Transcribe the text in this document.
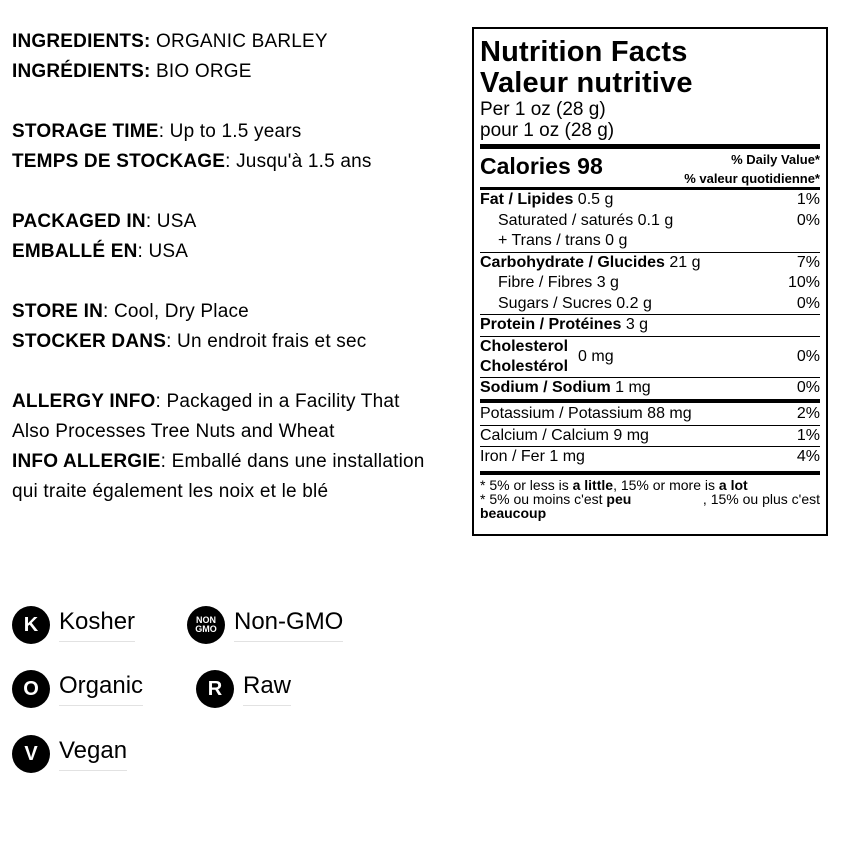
INGREDIENTS: ORGANIC BARLEY
INGRÉDIENTS: BIO ORGE
STORAGE TIME: Up to 1.5 years
TEMPS DE STOCKAGE: Jusqu'à 1.5 ans
PACKAGED IN: USA
EMBALLÉ EN: USA
STORE IN: Cool, Dry Place
STOCKER DANS: Un endroit frais et sec
ALLERGY INFO: Packaged in a Facility That
Also Processes Tree Nuts and Wheat
INFO ALLERGIE: Emballé dans une installation
qui traite également les noix et le blé
Nutrition Facts
Valeur nutritive
Per 1 oz (28 g)
pour 1 oz (28 g)
Calories 98	% Daily Value*
% valeur quotidienne*
Fat / Lipides 0.5 g	1%
Saturated / saturés 0.1 g	0%
+ Trans / trans 0 g
Carbohydrate / Glucides 21 g	7%
Fibre / Fibres 3 g	10%
Sugars / Sucres 0.2 g	0%
Protein / Protéines 3 g
Cholesterol
Cholestérol
0 mg	0%
Sodium / Sodium 1 mg	0%
Potassium / Potassium 88 mg	2%
Calcium / Calcium 9 mg	1%
Iron / Fer 1 mg	4%
* 5% or less is a little, 15% or more is a lot
* 5% ou moins c'est peu	, 15% ou plus c'est
beaucoup
K Kosher	NON
GMO Non-GMO
O Organic	R Raw
V Vegan
